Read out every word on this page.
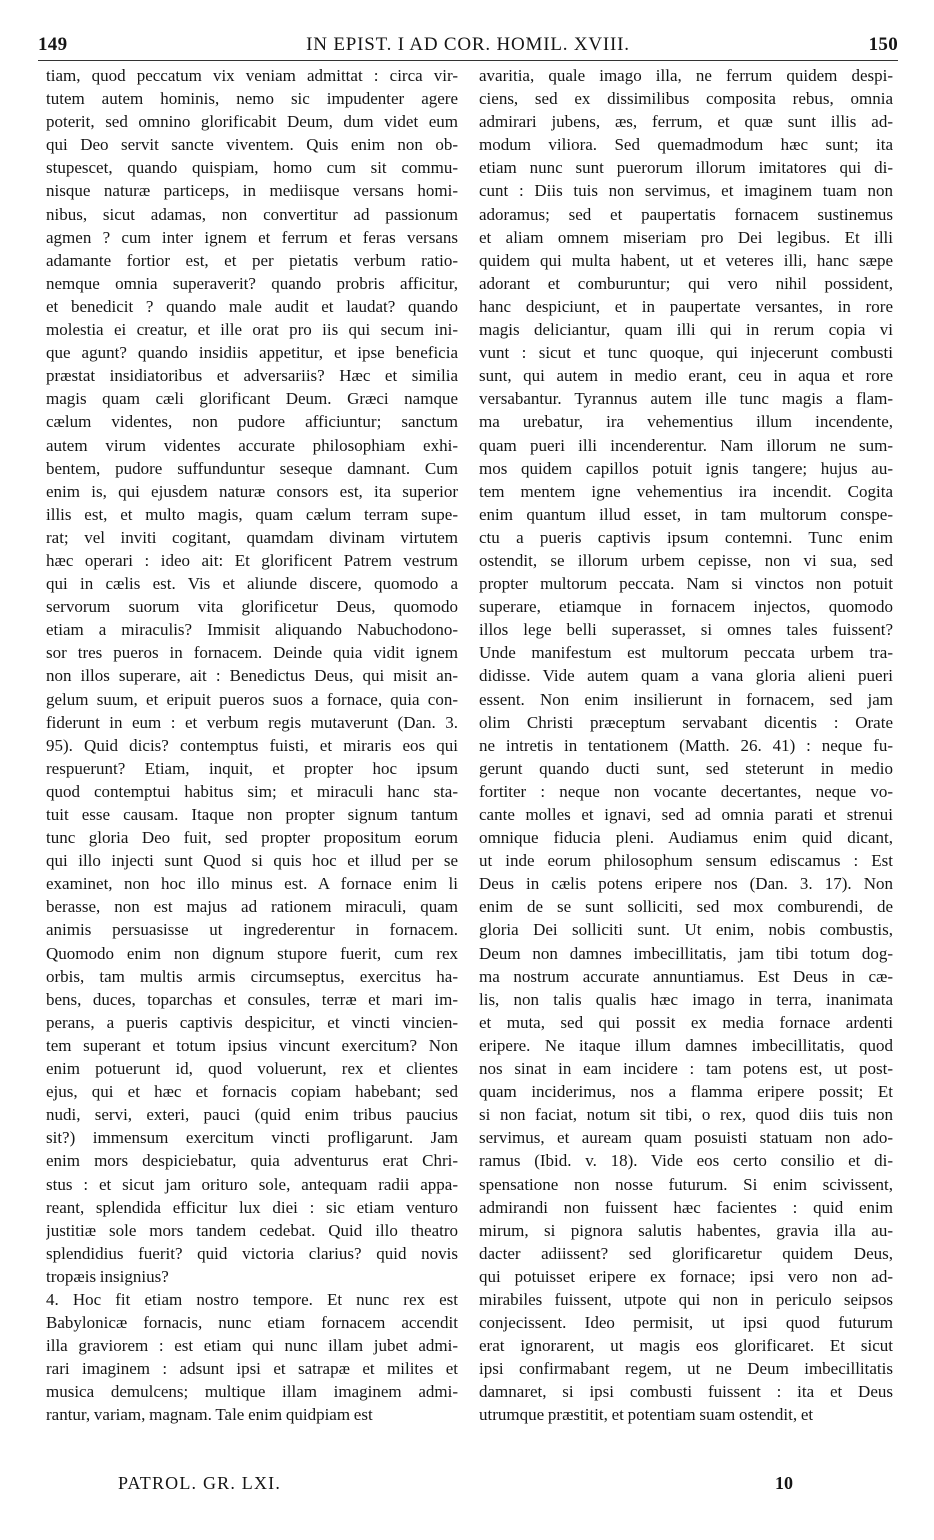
149	IN EPIST. I AD COR. HOMIL. XVIII.	150
tiam, quod peccatum vix veniam admittat : circa vir-
tutem autem hominis, nemo sic impudenter agere
poterit, sed omnino glorificabit Deum, dum videt eum
qui Deo servit sancte viventem. Quis enim non ob-
stupescet, quando quispiam, homo cum sit commu-
nisque naturæ particeps, in mediisque versans homi-
nibus, sicut adamas, non convertitur ad passionum
agmen ? cum inter ignem et ferrum et feras versans
adamante fortior est, et per pietatis verbum ratio-
nemque omnia superaverit? quando probris afficitur,
et benedicit ? quando male audit et laudat? quando
molestia ei creatur, et ille orat pro iis qui secum ini-
que agunt? quando insidiis appetitur, et ipse beneficia
præstat insidiatoribus et adversariis? Hæc et similia
magis quam cæli glorificant Deum. Græci namque
cælum videntes, non pudore afficiuntur; sanctum
autem virum videntes accurate philosophiam exhi-
bentem, pudore suffunduntur seseque damnant. Cum
enim is, qui ejusdem naturæ consors est, ita superior
illis est, et multo magis, quam cælum terram supe-
rat; vel inviti cogitant, quamdam divinam virtutem
hæc operari : ideo ait: Et glorificent Patrem vestrum
qui in cælis est. Vis et aliunde discere, quomodo a
servorum suorum vita glorificetur Deus, quomodo
etiam a miraculis? Immisit aliquando Nabuchodono-
sor tres pueros in fornacem. Deinde quia vidit ignem
non illos superare, ait : Benedictus Deus, qui misit an-
gelum suum, et eripuit pueros suos a fornace, quia con-
fiderunt in eum : et verbum regis mutaverunt (Dan. 3.
95). Quid dicis? contemptus fuisti, et miraris eos qui
respuerunt? Etiam, inquit, et propter hoc ipsum
quod contemptui habitus sim; et miraculi hanc sta-
tuit esse causam. Itaque non propter signum tantum
tunc gloria Deo fuit, sed propter propositum eorum
qui illo injecti sunt Quod si quis hoc et illud per se
examinet, non hoc illo minus est. A fornace enim li
berasse, non est majus ad rationem miraculi, quam
animis persuasisse ut ingrederentur in fornacem.
Quomodo enim non dignum stupore fuerit, cum rex
orbis, tam multis armis circumseptus, exercitus ha-
bens, duces, toparchas et consules, terræ et mari im-
perans, a pueris captivis despicitur, et vincti vincien-
tem superant et totum ipsius vincunt exercitum? Non
enim potuerunt id, quod voluerunt, rex et clientes
ejus, qui et hæc et fornacis copiam habebant; sed
nudi, servi, exteri, pauci (quid enim tribus paucius
sit?) immensum exercitum vincti profligarunt. Jam
enim mors despiciebatur, quia adventurus erat Chri-
stus : et sicut jam orituro sole, antequam radii appa-
reant, splendida efficitur lux diei : sic etiam venturo
justitiæ sole mors tandem cedebat. Quid illo theatro
splendidius fuerit? quid victoria clarius? quid novis
tropæis insignius?
4. Hoc fit etiam nostro tempore. Et nunc rex est
Babylonicæ fornacis, nunc etiam fornacem accendit
illa graviorem : est etiam qui nunc illam jubet admi-
rari imaginem : adsunt ipsi et satrapæ et milites et
musica demulcens; multique illam imaginem admi-
rantur, variam, magnam. Tale enim quidpiam est
avaritia, quale imago illa, ne ferrum quidem despi-
ciens, sed ex dissimilibus composita rebus, omnia
admirari jubens, æs, ferrum, et quæ sunt illis ad-
modum viliora. Sed quemadmodum hæc sunt; ita
etiam nunc sunt puerorum illorum imitatores qui di-
cunt : Diis tuis non servimus, et imaginem tuam non
adoramus; sed et paupertatis fornacem sustinemus
et aliam omnem miseriam pro Dei legibus. Et illi
quidem qui multa habent, ut et veteres illi, hanc sæpe
adorant et comburuntur; qui vero nihil possident,
hanc despiciunt, et in paupertate versantes, in rore
magis deliciantur, quam illi qui in rerum copia vi
vunt : sicut et tunc quoque, qui injecerunt combusti
sunt, qui autem in medio erant, ceu in aqua et rore
versabantur. Tyrannus autem ille tunc magis a flam-
ma urebatur, ira vehementius illum incendente,
quam pueri illi incenderentur. Nam illorum ne sum-
mos quidem capillos potuit ignis tangere; hujus au-
tem mentem igne vehementius ira incendit. Cogita
enim quantum illud esset, in tam multorum conspe-
ctu a pueris captivis ipsum contemni. Tunc enim
ostendit, se illorum urbem cepisse, non vi sua, sed
propter multorum peccata. Nam si vinctos non potuit
superare, etiamque in fornacem injectos, quomodo
illos lege belli superasset, si omnes tales fuissent?
Unde manifestum est multorum peccata urbem tra-
didisse. Vide autem quam a vana gloria alieni pueri
essent. Non enim insilierunt in fornacem, sed jam
olim Christi præceptum servabant dicentis : Orate
ne intretis in tentationem (Matth. 26. 41) : neque fu-
gerunt quando ducti sunt, sed steterunt in medio
fortiter : neque non vocante decertantes, neque vo-
cante molles et ignavi, sed ad omnia parati et strenui
omnique fiducia pleni. Audiamus enim quid dicant,
ut inde eorum philosophum sensum ediscamus : Est
Deus in cælis potens eripere nos (Dan. 3. 17). Non
enim de se sunt solliciti, sed mox comburendi, de
gloria Dei solliciti sunt. Ut enim, nobis combustis,
Deum non damnes imbecillitatis, jam tibi totum dog-
ma nostrum accurate annuntiamus. Est Deus in cæ-
lis, non talis qualis hæc imago in terra, inanimata
et muta, sed qui possit ex media fornace ardenti
eripere. Ne itaque illum damnes imbecillitatis, quod
nos sinat in eam incidere : tam potens est, ut post-
quam inciderimus, nos a flamma eripere possit; Et
si non faciat, notum sit tibi, o rex, quod diis tuis non
servimus, et auream quam posuisti statuam non ado-
ramus (Ibid. v. 18). Vide eos certo consilio et di-
spensatione non nosse futurum. Si enim scivissent,
admirandi non fuissent hæc facientes : quid enim
mirum, si pignora salutis habentes, gravia illa au-
dacter adiissent? sed glorificaretur quidem Deus,
qui potuisset eripere ex fornace; ipsi vero non ad-
mirabiles fuissent, utpote qui non in periculo seipsos
conjecissent. Ideo permisit, ut ipsi quod futurum
erat ignorarent, ut magis eos glorificaret. Et sicut
ipsi confirmabant regem, ut ne Deum imbecillitatis
damnaret, si ipsi combusti fuissent : ita et Deus
utrumque præstitit, et potentiam suam ostendit, et
PATROL. GR. LXI.	10
